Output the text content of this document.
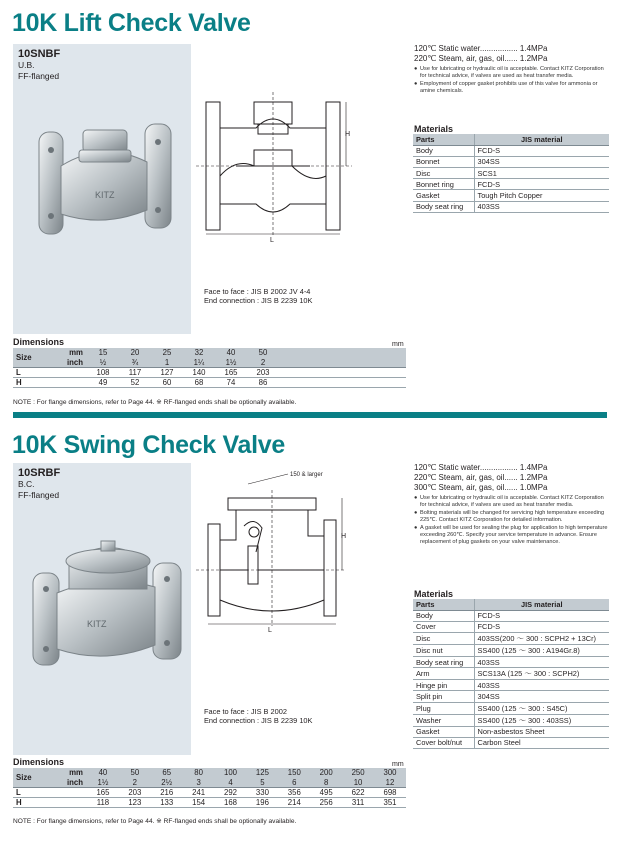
10K Lift Check Valve
10SNBF
U.B.
FF-flanged
KITZ
H
L
Face to face : JIS B 2002 JV 4-4
End connection : JIS B 2239 10K
120℃ Static water................. 1.4MPa
220℃ Steam, air, gas, oil...... 1.2MPa
● Use for lubricating or hydraulic oil is acceptable. Contact KITZ Corporation for technical advice, if valves are used as heat transfer media.
● Employment of copper gasket prohibits use of this valve for ammonia or amine chemicals.
Materials
Parts	JIS material
Body	FCD-S
Bonnet	304SS
Disc	SCS1
Bonnet ring	FCD-S
Gasket	Tough Pitch Copper
Body seat ring	403SS
Dimensions	mm
Size	mm	15	20	25	32	40	50	
	inch	½	¾	1	1¼	1½	2	
L		108	117	127	140	165	203	
H		49	52	60	68	74	86	
NOTE : For flange dimensions, refer to Page 44. ※ RF-flanged ends shall be optionally available.
10K Swing Check Valve
10SRBF
B.C.
FF-flanged
KITZ
150 & larger
H
L
Face to face : JIS B 2002
End connection : JIS B 2239 10K
120℃ Static water................. 1.4MPa
220℃ Steam, air, gas, oil...... 1.2MPa
300℃ Steam, air, gas, oil...... 1.0MPa
● Use for lubricating or hydraulic oil is acceptable. Contact KITZ Corporation for technical advice, if valves are used as heat transfer media.
● Bolting materials will be changed for servicing high temperature exceeding 225℃. Contact KITZ Corporation for detailed information.
● A gasket will be used for sealing the plug for application to high temperature exceeding 260℃. Specify your service temperature in advance. Ensure replacement of plug gaskets on your valve maintenance.
Materials
Parts	JIS material
Body	FCD-S
Cover	FCD-S
Disc	403SS(200 ～ 300 : SCPH2 + 13Cr)
Disc nut	SS400 (125 ～ 300 : A194Gr.8)
Body seat ring	403SS
Arm	SCS13A (125 ～ 300 : SCPH2)
Hinge pin	403SS
Split pin	304SS
Plug	SS400 (125 ～ 300 : S45C)
Washer	SS400 (125 ～ 300 : 403SS)
Gasket	Non-asbestos Sheet
Cover bolt/nut	Carbon Steel
Dimensions	mm
Size	mm	40	50	65	80	100	125	150	200	250	300
	inch	1½	2	2½	3	4	5	6	8	10	12
L		165	203	216	241	292	330	356	495	622	698
H		118	123	133	154	168	196	214	256	311	351
NOTE : For flange dimensions, refer to Page 44. ※ RF-flanged ends shall be optionally available.
